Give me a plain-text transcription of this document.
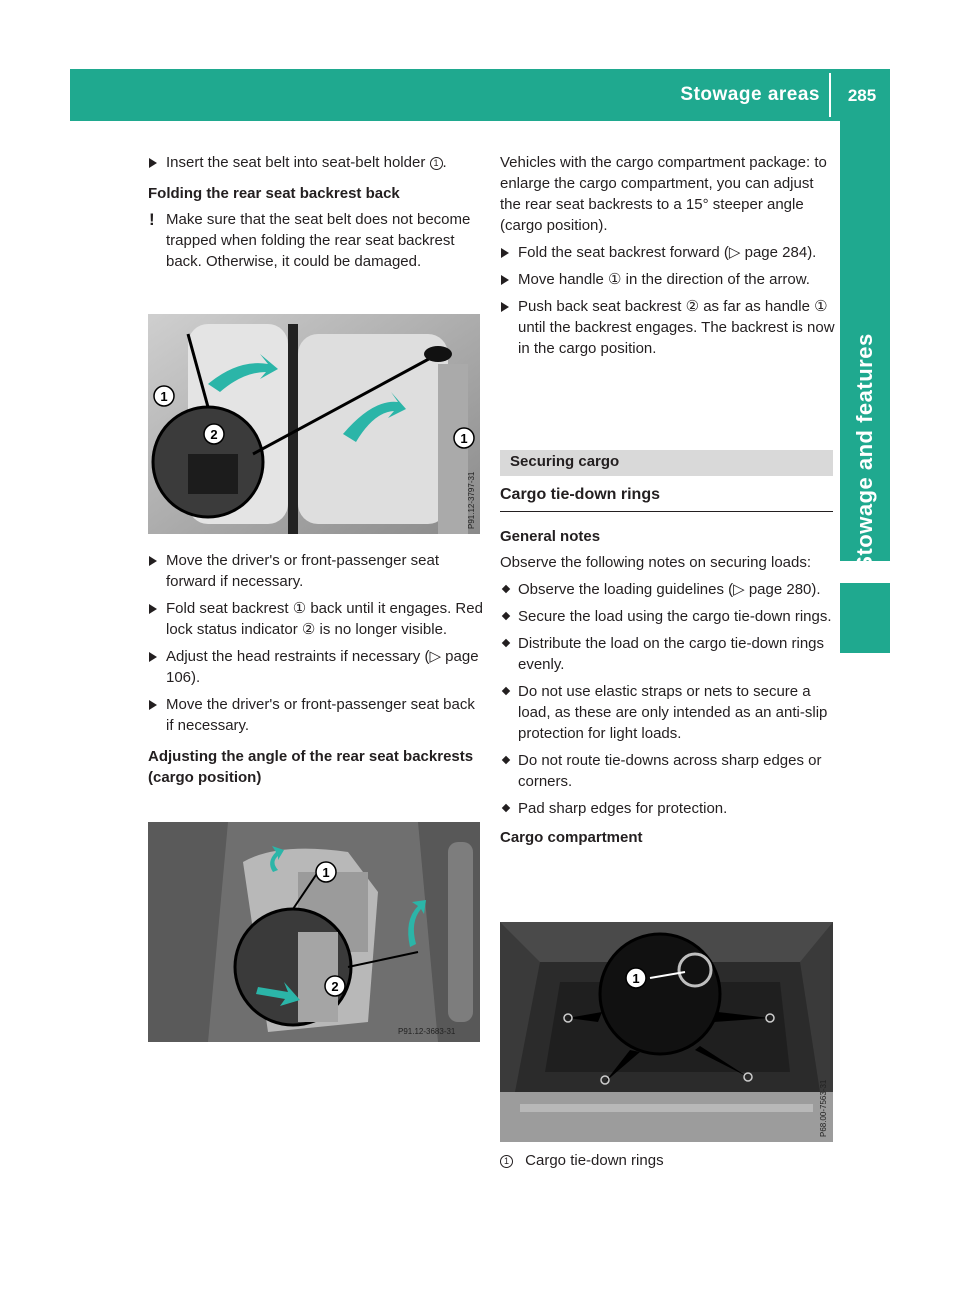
Stowage areas	285
Stowage and features
Insert the seat belt into seat-belt holder 1 .
Folding the rear seat backrest back
! Make sure that the seat belt does not become trapped when folding the rear seat backrest back. Otherwise, it could be damaged.
1
2	1
P91.12-3797-31
Move the driver's or front-passenger seat forward if necessary.
Fold seat backrest ① back until it engages. Red lock status indicator ② is no longer visible.
Adjust the head restraints if necessary (▷ page 106).
Move the driver's or front-passenger seat back if necessary.
Adjusting the angle of the rear seat backrests (cargo position)
1
2
P91.12-3683-31
Vehicles with the cargo compartment package: to enlarge the cargo compartment, you can adjust the rear seat backrests to a 15° steeper angle (cargo position).
Fold the seat backrest forward (▷ page 284).
Move handle ① in the direction of the arrow.
Push back seat backrest ② as far as handle ① until the backrest engages. The backrest is now in the cargo position.
Securing cargo
Cargo tie-down rings
General notes
Observe the following notes on securing loads:
Observe the loading guidelines (▷ page 280).
Secure the load using the cargo tie-down rings.
Distribute the load on the cargo tie-down rings evenly.
Do not use elastic straps or nets to secure a load, as these are only intended as an anti-slip protection for light loads.
Do not route tie-downs across sharp edges or corners.
Pad sharp edges for protection.
Cargo compartment
1
P68.00-7563-31
1 Cargo tie-down rings
